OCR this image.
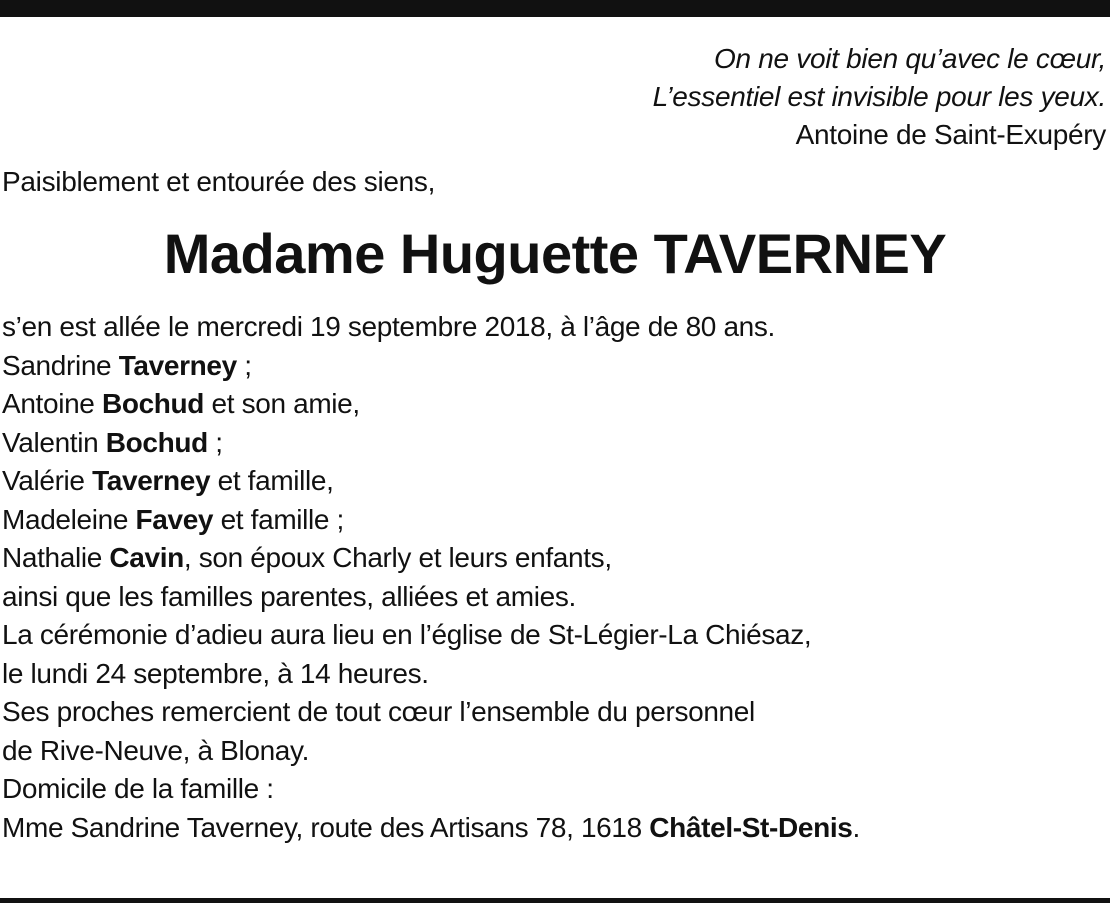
On ne voit bien qu’avec le cœur,
L’essentiel est invisible pour les yeux.
Antoine de Saint-Exupéry
Paisiblement et entourée des siens,
Madame Huguette TAVERNEY
s’en est allée le mercredi 19 septembre 2018, à l’âge de 80 ans.
Sandrine Taverney ;
Antoine Bochud et son amie,
Valentin Bochud ;
Valérie Taverney et famille,
Madeleine Favey et famille ;
Nathalie Cavin, son époux Charly et leurs enfants,
ainsi que les familles parentes, alliées et amies.
La cérémonie d’adieu aura lieu en l’église de St-Légier-La Chiésaz,
le lundi 24 septembre, à 14 heures.
Ses proches remercient de tout cœur l’ensemble du personnel
de Rive-Neuve, à Blonay.
Domicile de la famille :
Mme Sandrine Taverney, route des Artisans 78, 1618 Châtel-St-Denis.
